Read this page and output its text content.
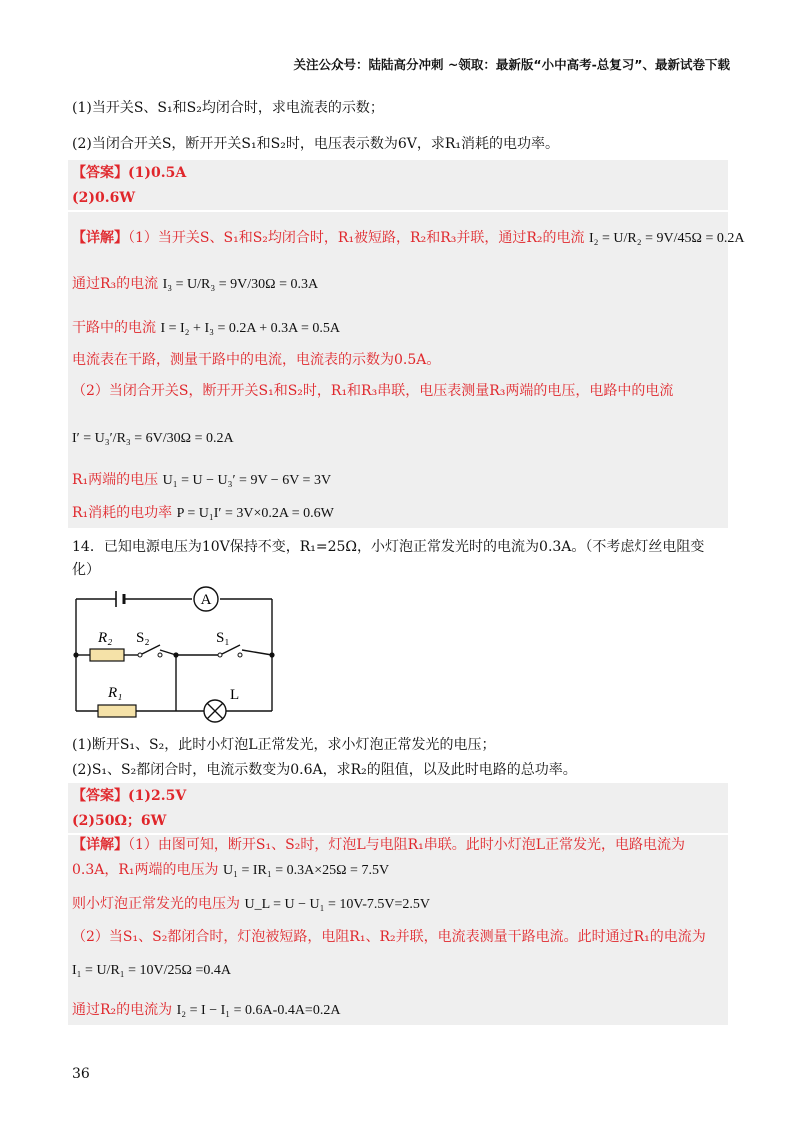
关注公众号：陆陆高分冲刺 ~领取：最新版“小中高考-总复习”、最新试卷下载
(1)当开关S、S₁和S₂均闭合时，求电流表的示数；
(2)当闭合开关S，断开开关S₁和S₂时，电压表示数为6V，求R₁消耗的电功率。
【答案】(1)0.5A
(2)0.6W
【详解】（1）当开关S、S₁和S₂均闭合时，R₁被短路，R₂和R₃并联，通过R₂的电流 I₂ = U/R₂ = 9V/45Ω = 0.2A
通过R₃的电流 I₃ = U/R₃ = 9V/30Ω = 0.3A
干路中的电流 I = I₂ + I₃ = 0.2A + 0.3A = 0.5A
电流表在干路，测量干路中的电流，电流表的示数为0.5A。
（2）当闭合开关S，断开开关S₁和S₂时，R₁和R₃串联，电压表测量R₃两端的电压，电路中的电流
I′ = U₃′/R₃ = 6V/30Ω = 0.2A
R₁两端的电压 U₁ = U − U₃′ = 9V − 6V = 3V
R₁消耗的电功率 P = U₁I′ = 3V×0.2A = 0.6W
14．已知电源电压为10V保持不变，R₁=25Ω，小灯泡正常发光时的电流为0.3A。（不考虑灯丝电阻变
化）
A
R₂ S₂	S₁
R₁	L
(1)断开S₁、S₂，此时小灯泡L正常发光，求小灯泡正常发光的电压；
(2)S₁、S₂都闭合时，电流示数变为0.6A，求R₂的阻值，以及此时电路的总功率。
【答案】(1)2.5V
(2)50Ω；6W
【详解】（1）由图可知，断开S₁、S₂时，灯泡L与电阻R₁串联。此时小灯泡L正常发光，电路电流为
0.3A，R₁两端的电压为 U₁ = IR₁ = 0.3A×25Ω = 7.5V
则小灯泡正常发光的电压为 U_L = U − U₁ = 10V-7.5V=2.5V
（2）当S₁、S₂都闭合时，灯泡被短路，电阻R₁、R₂并联，电流表测量干路电流。此时通过R₁的电流为
I₁ = U/R₁ = 10V/25Ω =0.4A
通过R₂的电流为 I₂ = I − I₁ = 0.6A-0.4A=0.2A
36
